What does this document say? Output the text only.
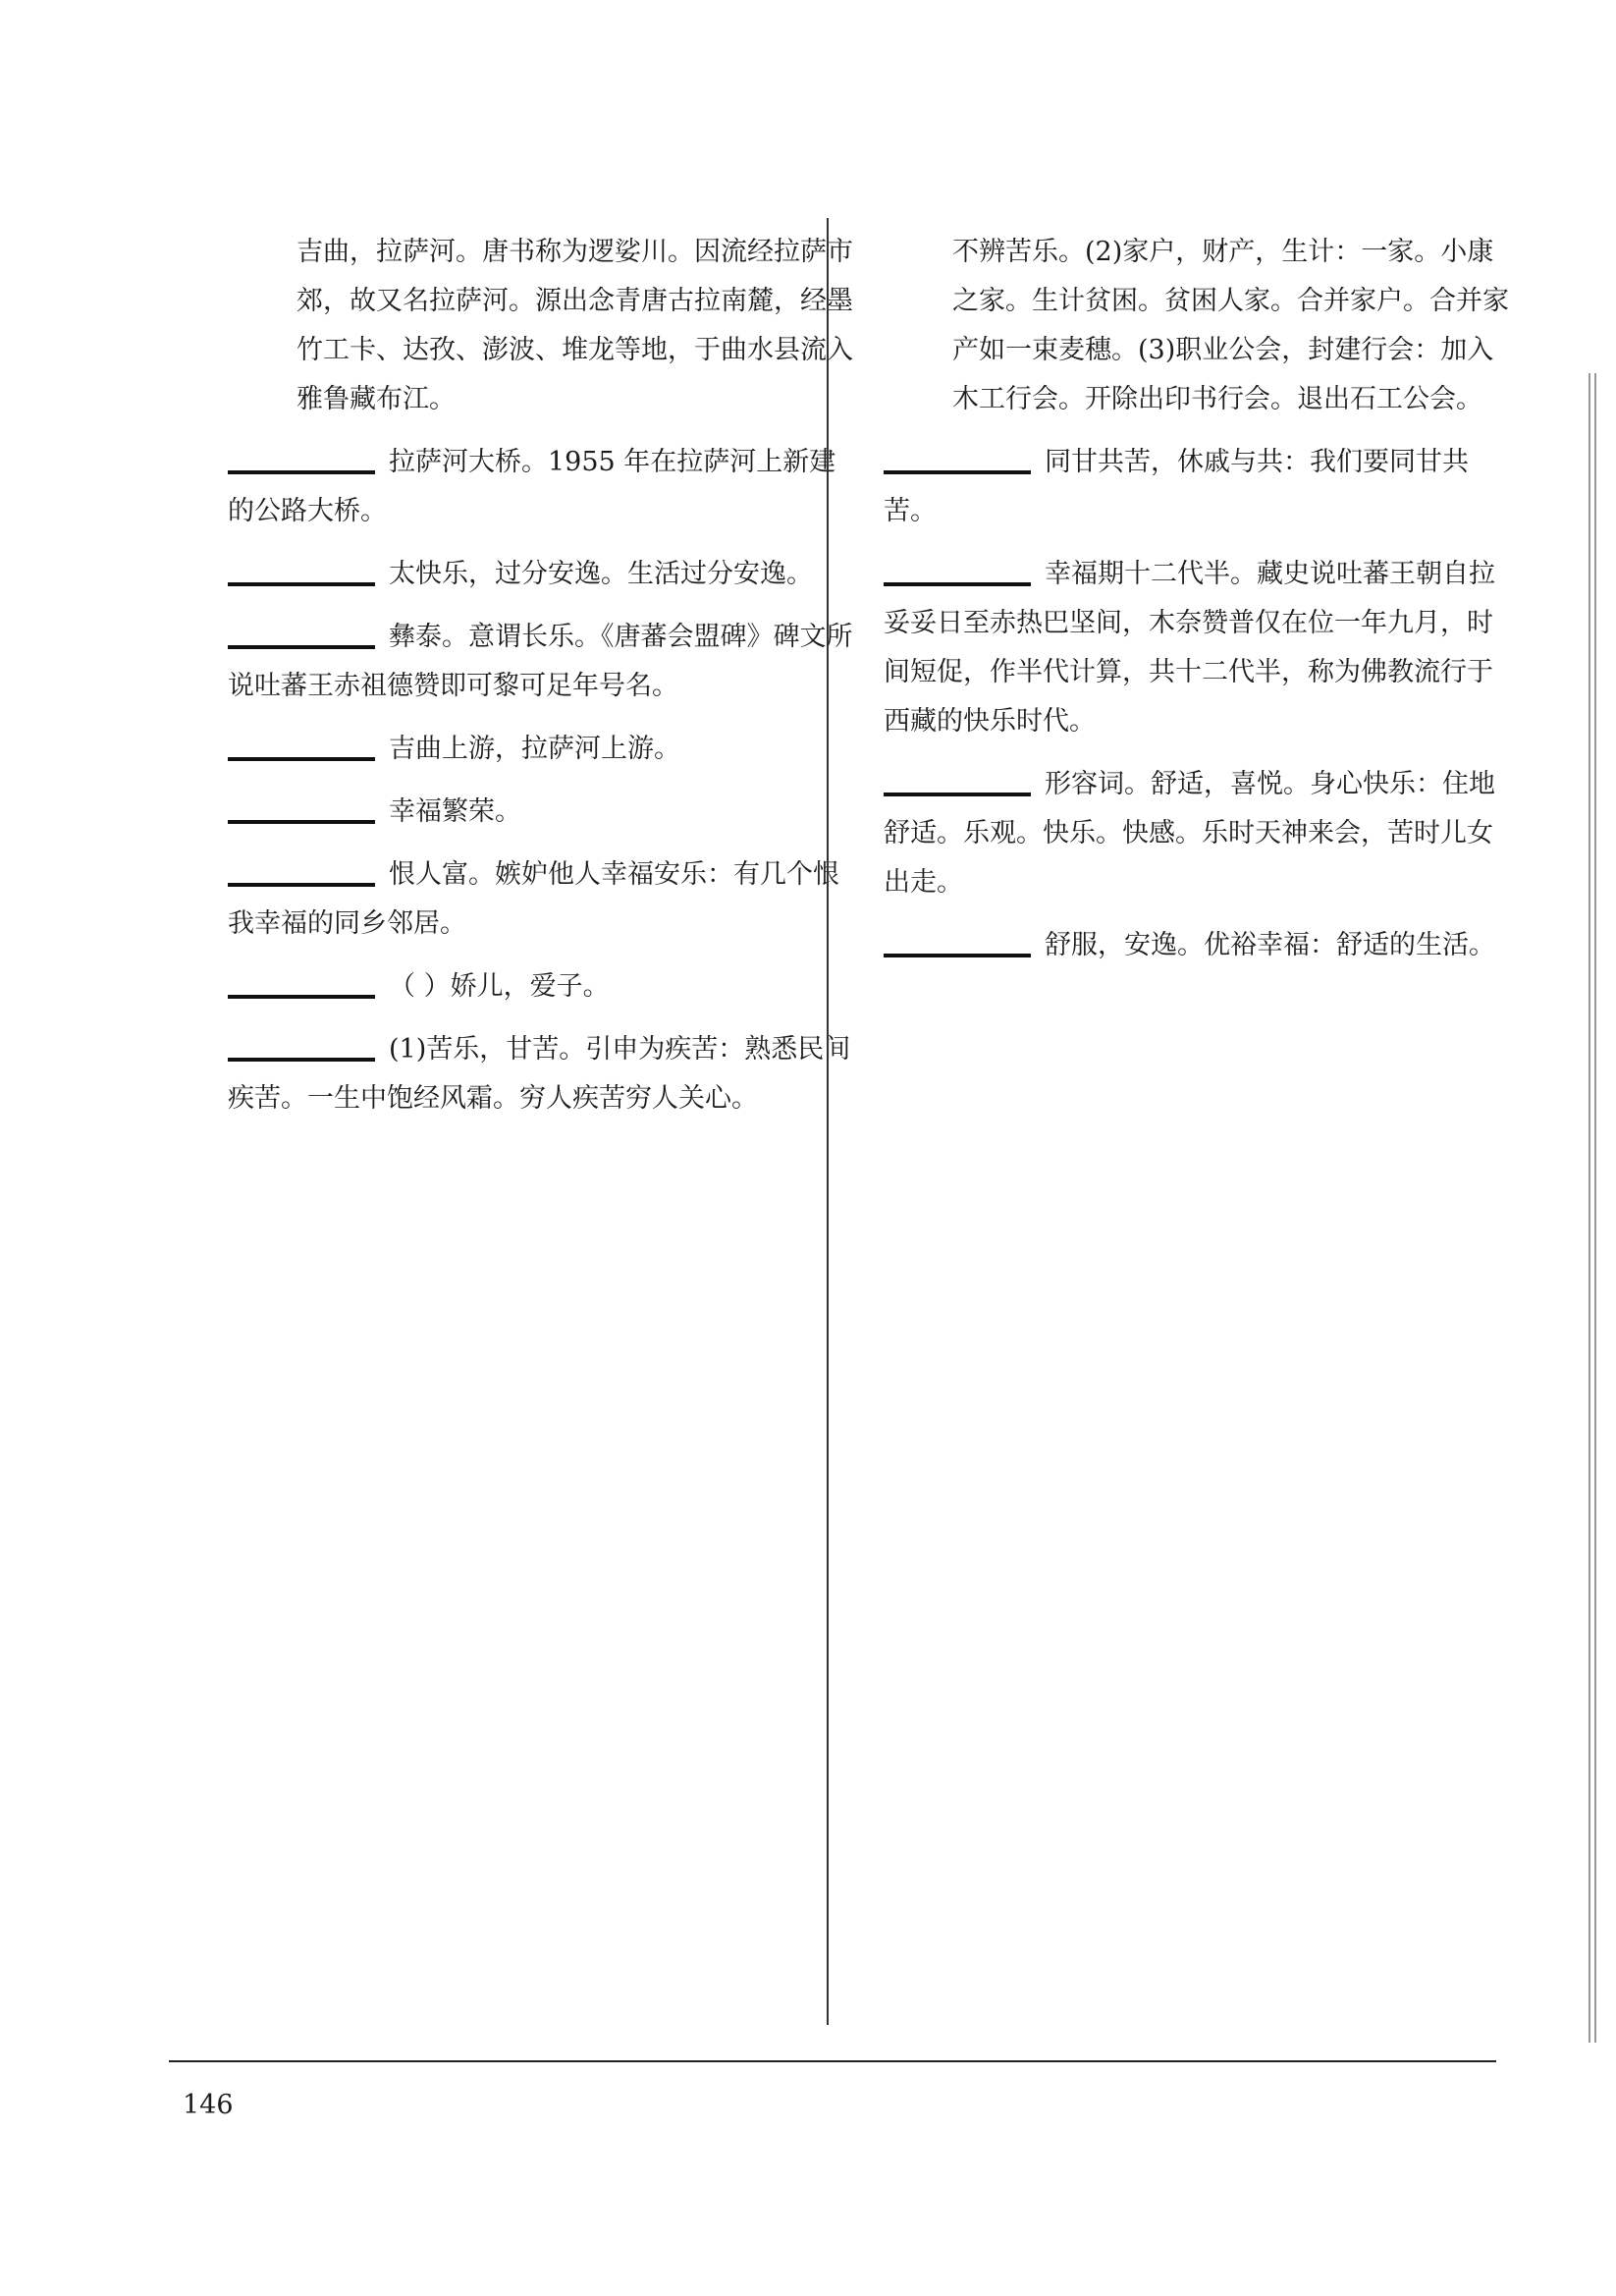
吉曲，拉萨河。唐书称为逻娑川。因流经拉萨市郊，故又名拉萨河。源出念青唐古拉南麓，经墨竹工卡、达孜、澎波、堆龙等地，于曲水县流入雅鲁藏布江。
拉萨河大桥。1955 年在拉萨河上新建的公路大桥。
太快乐，过分安逸。生活过分安逸。
彝泰。意谓长乐。《唐蕃会盟碑》碑文所说吐蕃王赤祖德赞即可黎可足年号名。
吉曲上游，拉萨河上游。
幸福繁荣。
恨人富。嫉妒他人幸福安乐：有几个恨我幸福的同乡邻居。
（ ）娇儿，爱子。
(1)苦乐，甘苦。引申为疾苦：熟悉民间疾苦。一生中饱经风霜。穷人疾苦穷人关心。
不辨苦乐。(2)家户，财产，生计：一家。小康之家。生计贫困。贫困人家。合并家户。合并家产如一束麦穗。(3)职业公会，封建行会：加入木工行会。开除出印书行会。退出石工公会。
同甘共苦，休戚与共：我们要同甘共苦。
幸福期十二代半。藏史说吐蕃王朝自拉妥妥日至赤热巴坚间，木奈赞普仅在位一年九月，时间短促，作半代计算，共十二代半，称为佛教流行于西藏的快乐时代。
形容词。舒适，喜悦。身心快乐：住地舒适。乐观。快乐。快感。乐时天神来会，苦时儿女出走。
舒服，安逸。优裕幸福：舒适的生活。
146
